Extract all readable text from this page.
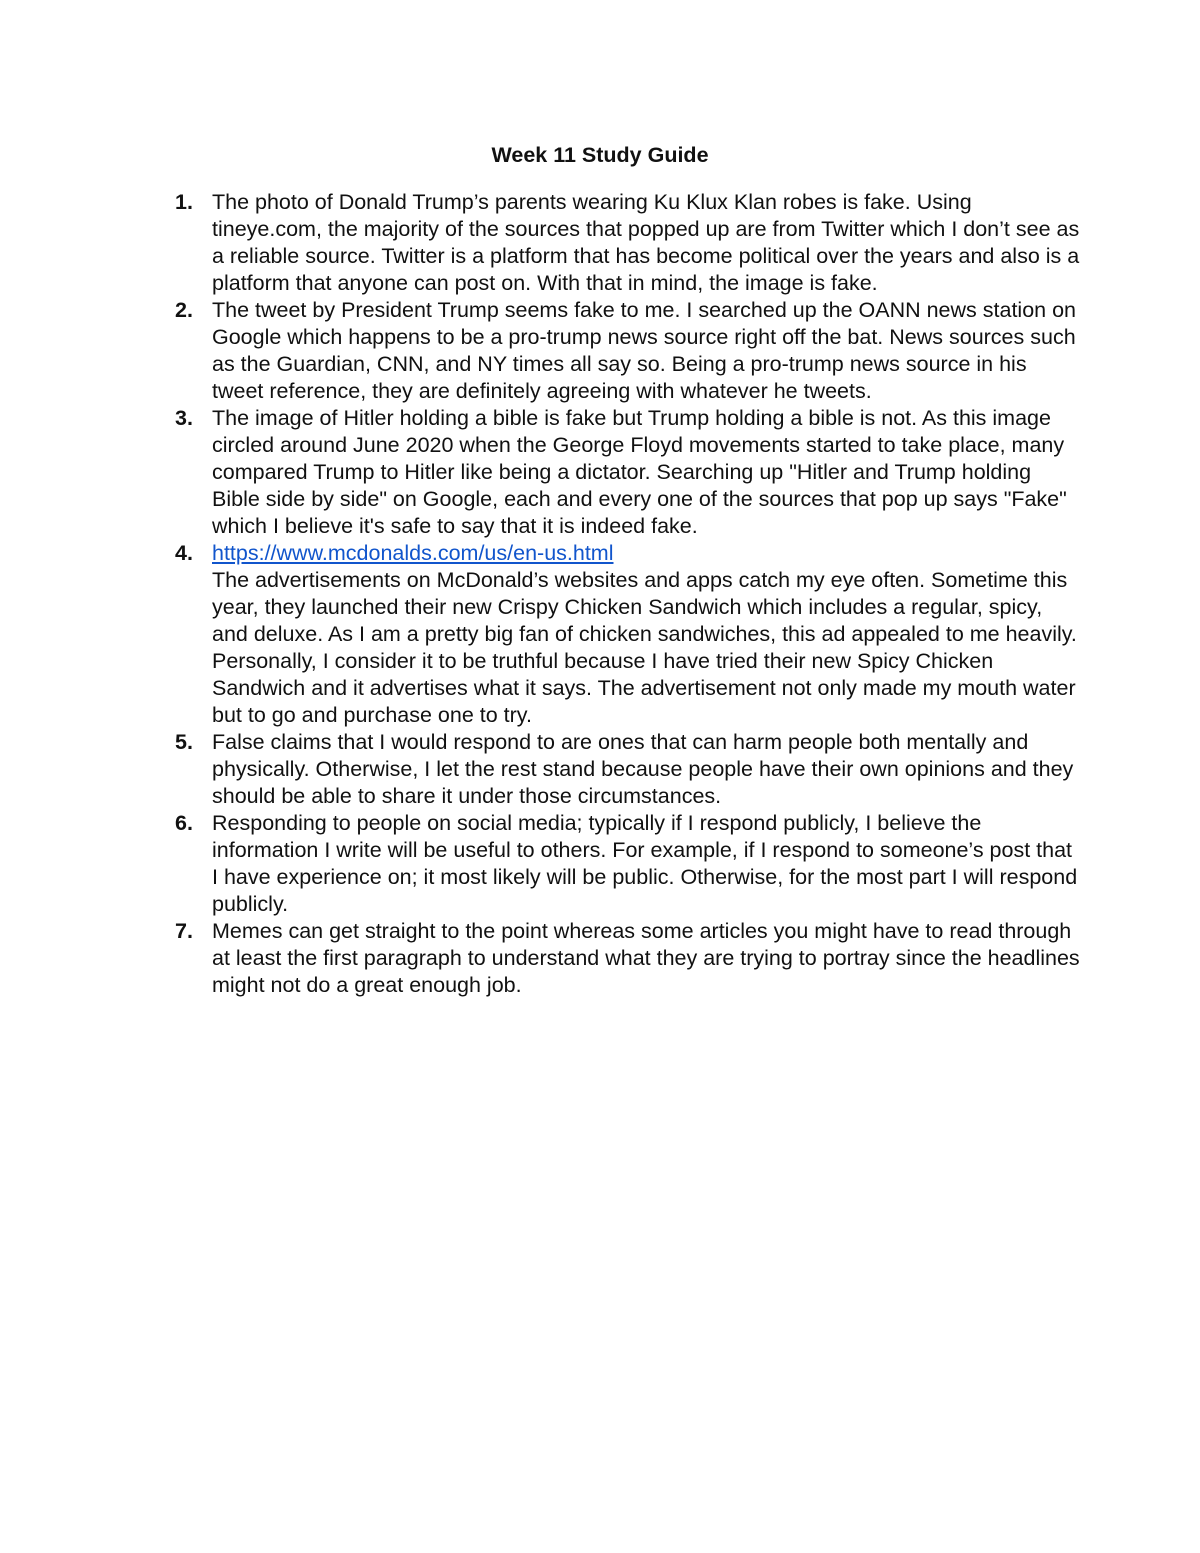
Week 11 Study Guide
1. The photo of Donald Trump’s parents wearing Ku Klux Klan robes is fake. Using tineye.com, the majority of the sources that popped up are from Twitter which I don’t see as a reliable source. Twitter is a platform that has become political over the years and also is a platform that anyone can post on. With that in mind, the image is fake.
2. The tweet by President Trump seems fake to me. I searched up the OANN news station on Google which happens to be a pro-trump news source right off the bat. News sources such as the Guardian, CNN, and NY times all say so. Being a pro-trump news source in his tweet reference, they are definitely agreeing with whatever he tweets.
3. The image of Hitler holding a bible is fake but Trump holding a bible is not. As this image circled around June 2020 when the George Floyd movements started to take place, many compared Trump to Hitler like being a dictator. Searching up "Hitler and Trump holding Bible side by side" on Google, each and every one of the sources that pop up says "Fake" which I believe it's safe to say that it is indeed fake.
4. https://www.mcdonalds.com/us/en-us.html
The advertisements on McDonald’s websites and apps catch my eye often. Sometime this year, they launched their new Crispy Chicken Sandwich which includes a regular, spicy, and deluxe. As I am a pretty big fan of chicken sandwiches, this ad appealed to me heavily. Personally, I consider it to be truthful because I have tried their new Spicy Chicken Sandwich and it advertises what it says. The advertisement not only made my mouth water but to go and purchase one to try.
5. False claims that I would respond to are ones that can harm people both mentally and physically. Otherwise, I let the rest stand because people have their own opinions and they should be able to share it under those circumstances.
6. Responding to people on social media; typically if I respond publicly, I believe the information I write will be useful to others. For example, if I respond to someone’s post that I have experience on; it most likely will be public. Otherwise, for the most part I will respond publicly.
7. Memes can get straight to the point whereas some articles you might have to read through at least the first paragraph to understand what they are trying to portray since the headlines might not do a great enough job.
